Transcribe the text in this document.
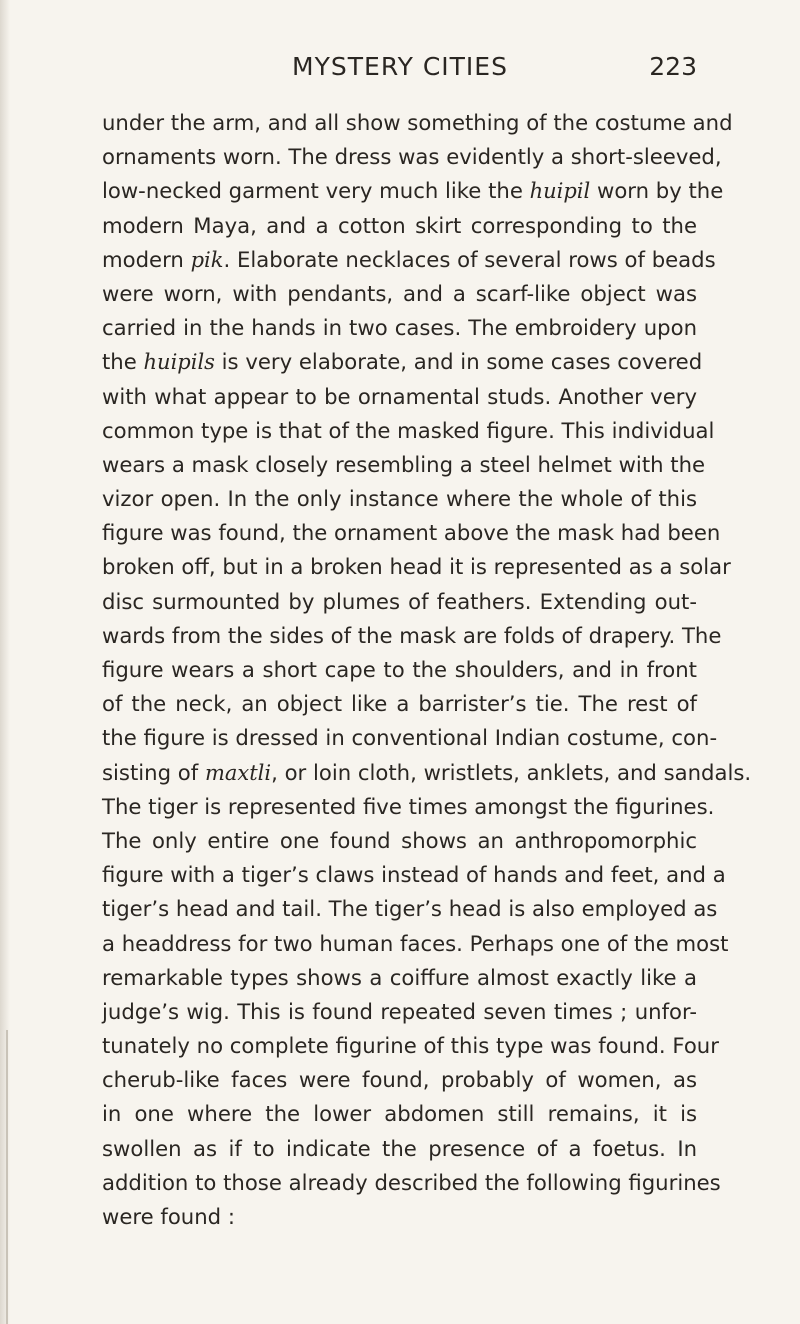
MYSTERY CITIES	223
under the arm, and all show something of the costume and
ornaments worn. The dress was evidently a short-sleeved,
low-necked garment very much like the huipil worn by the
modern Maya, and a cotton skirt corresponding to the
modern pik. Elaborate necklaces of several rows of beads
were worn, with pendants, and a scarf-like object was
carried in the hands in two cases. The embroidery upon
the huipils is very elaborate, and in some cases covered
with what appear to be ornamental studs. Another very
common type is that of the masked figure. This individual
wears a mask closely resembling a steel helmet with the
vizor open. In the only instance where the whole of this
figure was found, the ornament above the mask had been
broken off, but in a broken head it is represented as a solar
disc surmounted by plumes of feathers. Extending out-
wards from the sides of the mask are folds of drapery. The
figure wears a short cape to the shoulders, and in front
of the neck, an object like a barrister’s tie. The rest of
the figure is dressed in conventional Indian costume, con-
sisting of maxtli, or loin cloth, wristlets, anklets, and sandals.
The tiger is represented five times amongst the figurines.
The only entire one found shows an anthropomorphic
figure with a tiger’s claws instead of hands and feet, and a
tiger’s head and tail. The tiger’s head is also employed as
a headdress for two human faces. Perhaps one of the most
remarkable types shows a coiffure almost exactly like a
judge’s wig. This is found repeated seven times ; unfor-
tunately no complete figurine of this type was found. Four
cherub-like faces were found, probably of women, as
in one where the lower abdomen still remains, it is
swollen as if to indicate the presence of a foetus. In
addition to those already described the following figurines
were found :
